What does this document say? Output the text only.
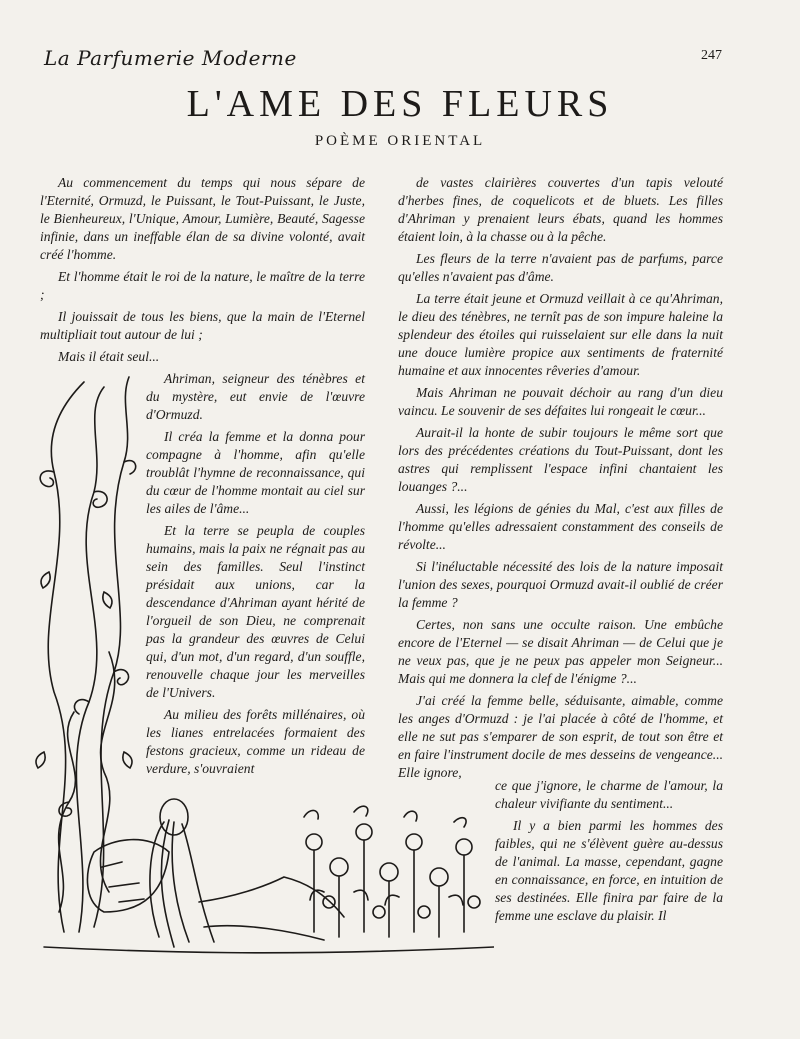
La Parfumerie Moderne	247
L'AME DES FLEURS
POÈME ORIENTAL

Au commencement du temps qui nous sépare de l'Eternité, Ormuzd, le Puissant, le Tout-Puissant, le Juste, le Bienheureux, l'Unique, Amour, Lumière, Beauté, Sagesse infinie, dans un ineffable élan de sa divine volonté, avait créé l'homme.

Et l'homme était le roi de la nature, le maître de la terre ;

Il jouissait de tous les biens, que la main de l'Eternel multipliait tout autour de lui ;

Mais il était seul...

Ahriman, seigneur des ténèbres et du mystère, eut envie de l'œuvre d'Ormuzd.

Il créa la femme et la donna pour compagne à l'homme, afin qu'elle troublât l'hymne de reconnaissance, qui du cœur de l'homme montait au ciel sur les ailes de l'âme...

Et la terre se peupla de couples humains, mais la paix ne régnait pas au sein des familles. Seul l'instinct présidait aux unions, car la descendance d'Ahriman ayant hérité de l'orgueil de son Dieu, ne comprenait pas la grandeur des œuvres de Celui qui, d'un mot, d'un regard, d'un souffle, renouvelle chaque jour les merveilles de l'Univers.

Au milieu des forêts millénaires, où les lianes entrelacées formaient des festons gracieux, comme un rideau de verdure, s'ouvraient

de vastes clairières couvertes d'un tapis velouté d'herbes fines, de coquelicots et de bluets. Les filles d'Ahriman y prenaient leurs ébats, quand les hommes étaient loin, à la chasse ou à la pêche.

Les fleurs de la terre n'avaient pas de parfums, parce qu'elles n'avaient pas d'âme.

La terre était jeune et Ormuzd veillait à ce qu'Ahriman, le dieu des ténèbres, ne ternît pas de son impure haleine la splendeur des étoiles qui ruisselaient sur elle dans la nuit une douce lumière propice aux sentiments de fraternité humaine et aux innocentes rêveries d'amour.

Mais Ahriman ne pouvait déchoir au rang d'un dieu vaincu. Le souvenir de ses défaites lui rongeait le cœur...

Aurait-il la honte de subir toujours le même sort que lors des précédentes créations du Tout-Puissant, dont les astres qui remplissent l'espace infini chantaient les louanges ?...

Aussi, les légions de génies du Mal, c'est aux filles de l'homme qu'elles adressaient constamment des conseils de révolte...

Si l'inéluctable nécessité des lois de la nature imposait l'union des sexes, pourquoi Ormuzd avait-il oublié de créer la femme ?

Certes, non sans une occulte raison. Une embûche encore de l'Eternel — se disait Ahriman — de Celui que je ne veux pas, que je ne peux pas appeler mon Seigneur... Mais qui me donnera la clef de l'énigme ?...

J'ai créé la femme belle, séduisante, aimable, comme les anges d'Ormuzd : je l'ai placée à côté de l'homme, et elle ne sut pas s'emparer de son esprit, de tout son être et en faire l'instrument docile de mes desseins de vengeance... Elle ignore,

ce que j'ignore, le charme de l'amour, la chaleur vivifiante du sentiment...

Il y a bien parmi les hommes des faibles, qui ne s'élèvent guère au-dessus de l'animal. La masse, cependant, gagne en connaissance, en force, en intuition de ses destinées. Elle finira par faire de la femme une esclave du plaisir. Il
